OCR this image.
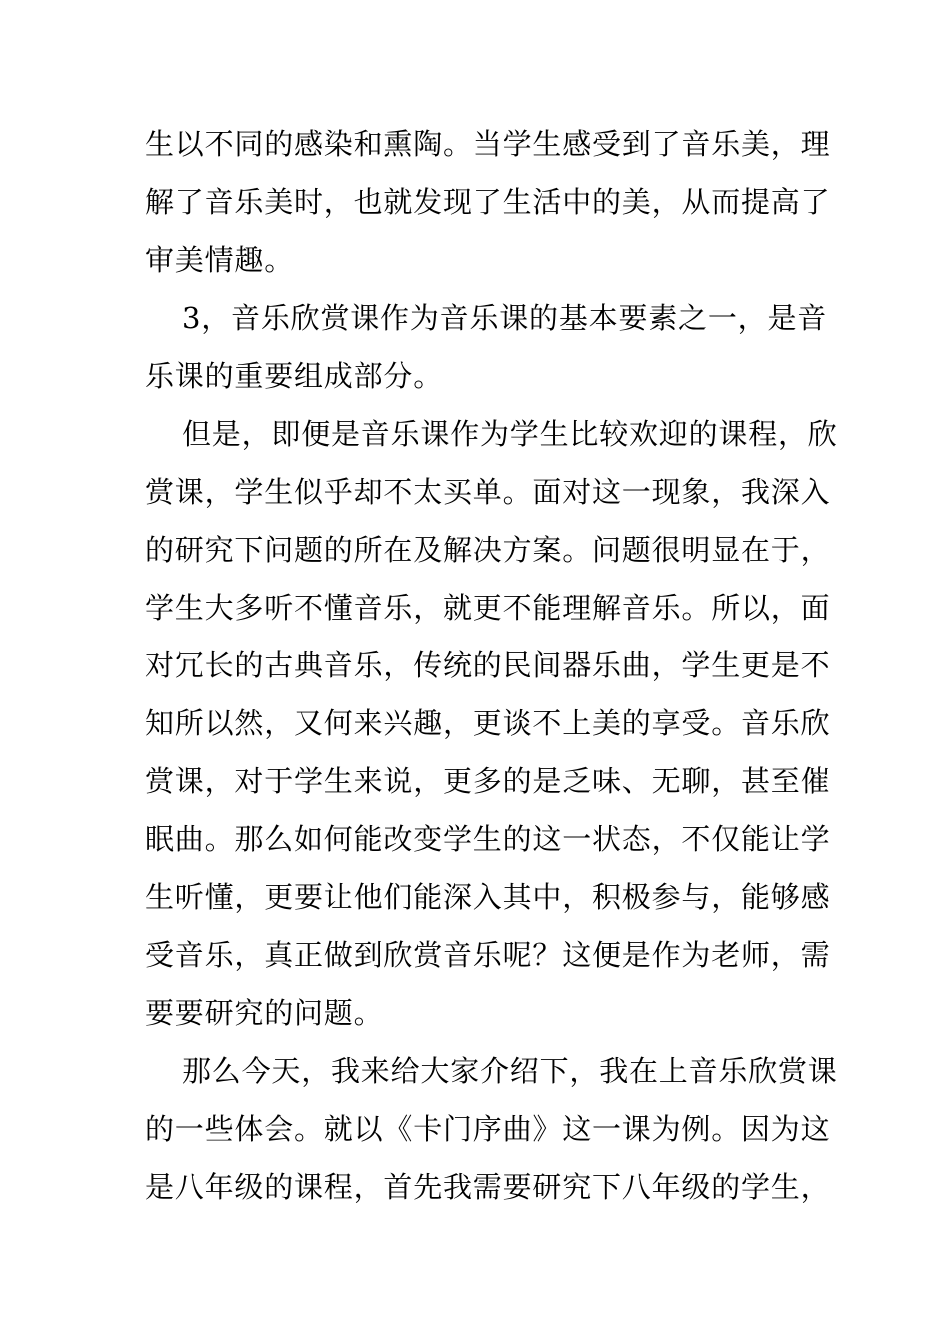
生以不同的感染和熏陶。当学生感受到了音乐美，理
解了音乐美时，也就发现了生活中的美，从而提高了
审美情趣。
3，音乐欣赏课作为音乐课的基本要素之一，是音
乐课的重要组成部分。
但是，即便是音乐课作为学生比较欢迎的课程，欣
赏课，学生似乎却不太买单。面对这一现象，我深入
的研究下问题的所在及解决方案。问题很明显在于，
学生大多听不懂音乐，就更不能理解音乐。所以，面
对冗长的古典音乐，传统的民间器乐曲，学生更是不
知所以然，又何来兴趣，更谈不上美的享受。音乐欣
赏课，对于学生来说，更多的是乏味、无聊，甚至催
眠曲。那么如何能改变学生的这一状态，不仅能让学
生听懂，更要让他们能深入其中，积极参与，能够感
受音乐，真正做到欣赏音乐呢？这便是作为老师，需
要要研究的问题。
那么今天，我来给大家介绍下，我在上音乐欣赏课
的一些体会。就以《卡门序曲》这一课为例。因为这
是八年级的课程，首先我需要研究下八年级的学生，
